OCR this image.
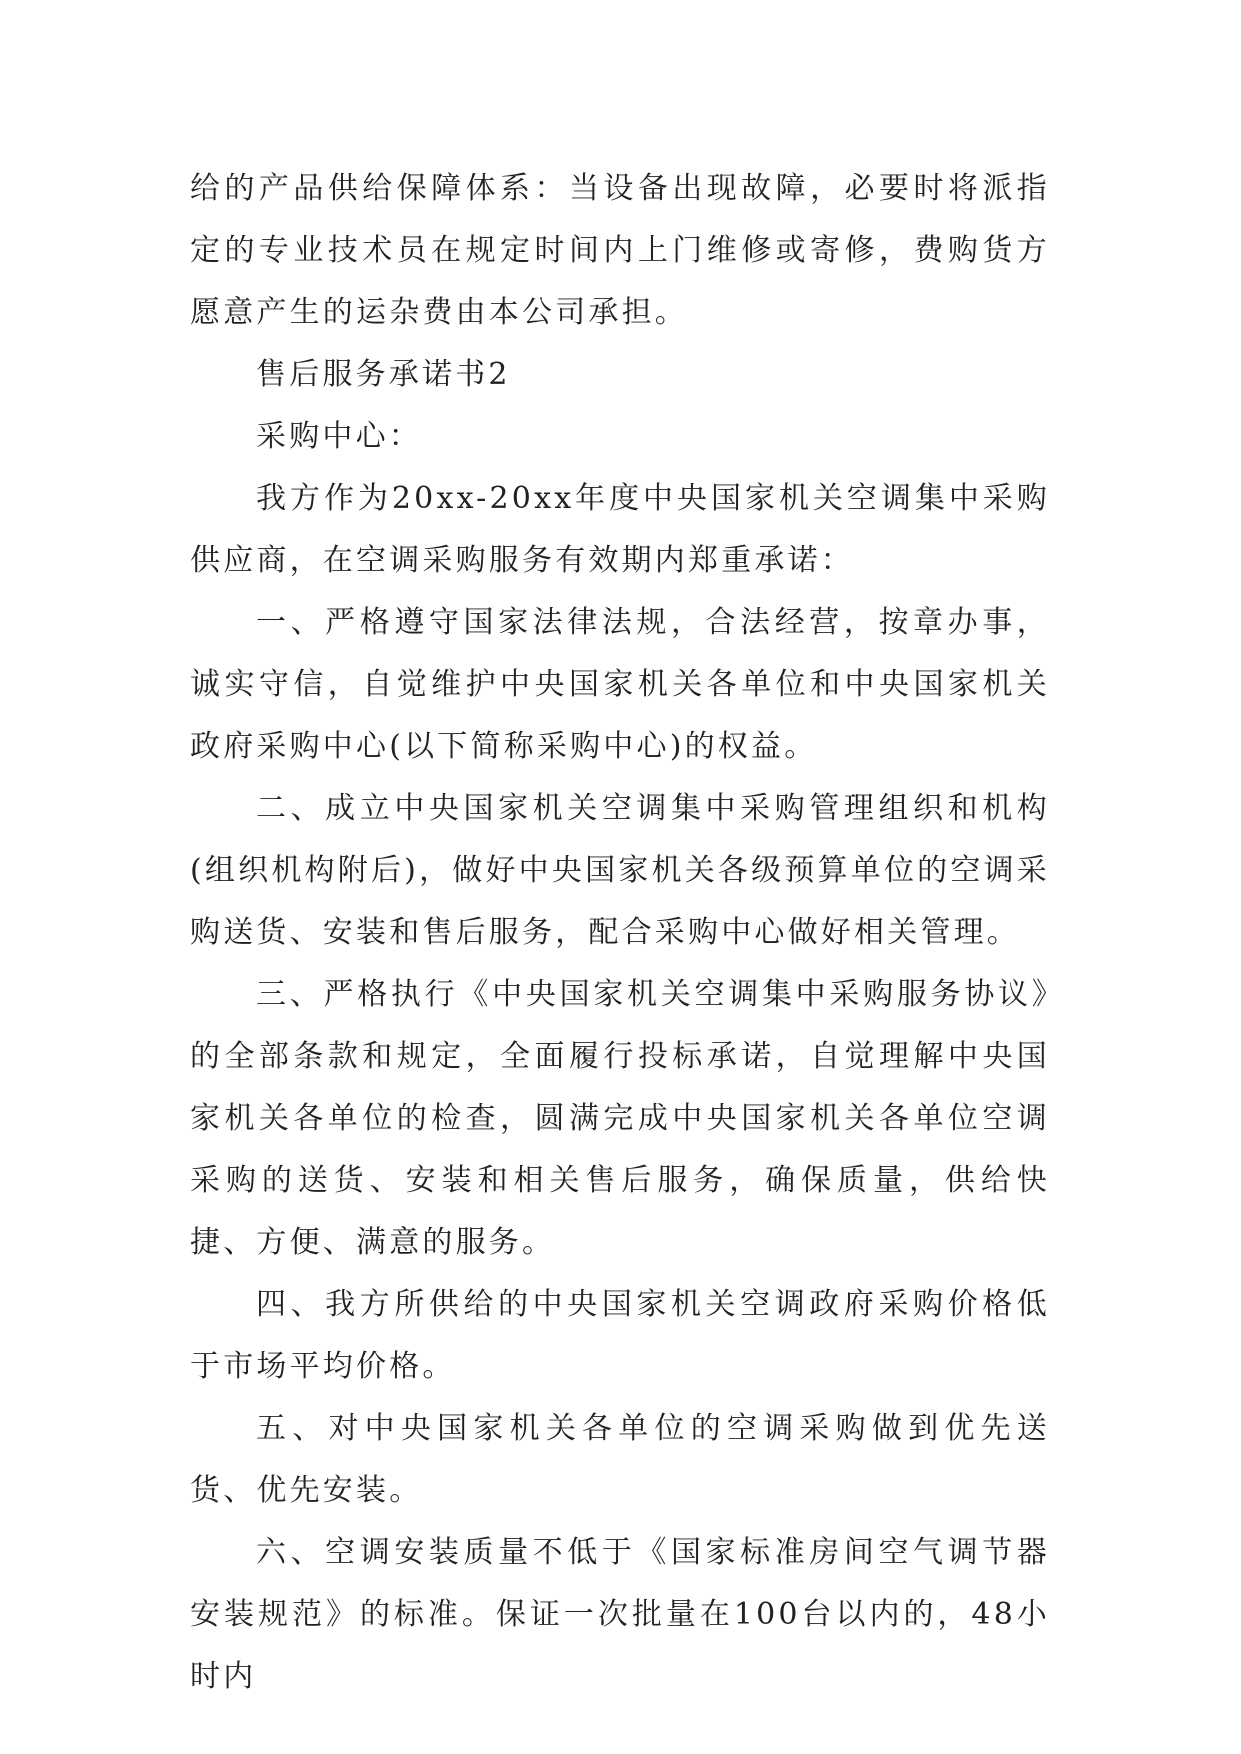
给的产品供给保障体系：当设备出现故障，必要时将派指定的专业技术员在规定时间内上门维修或寄修，费购货方愿意产生的运杂费由本公司承担。

售后服务承诺书2

采购中心：

我方作为20xx-20xx年度中央国家机关空调集中采购供应商，在空调采购服务有效期内郑重承诺：

一、严格遵守国家法律法规，合法经营，按章办事，诚实守信，自觉维护中央国家机关各单位和中央国家机关政府采购中心(以下简称采购中心)的权益。

二、成立中央国家机关空调集中采购管理组织和机构(组织机构附后)，做好中央国家机关各级预算单位的空调采购送货、安装和售后服务，配合采购中心做好相关管理。

三、严格执行《中央国家机关空调集中采购服务协议》的全部条款和规定，全面履行投标承诺，自觉理解中央国家机关各单位的检查，圆满完成中央国家机关各单位空调采购的送货、安装和相关售后服务，确保质量，供给快捷、方便、满意的服务。

四、我方所供给的中央国家机关空调政府采购价格低于市场平均价格。

五、对中央国家机关各单位的空调采购做到优先送货、优先安装。

六、空调安装质量不低于《国家标准房间空气调节器安装规范》的标准。保证一次批量在100台以内的，48小时内
